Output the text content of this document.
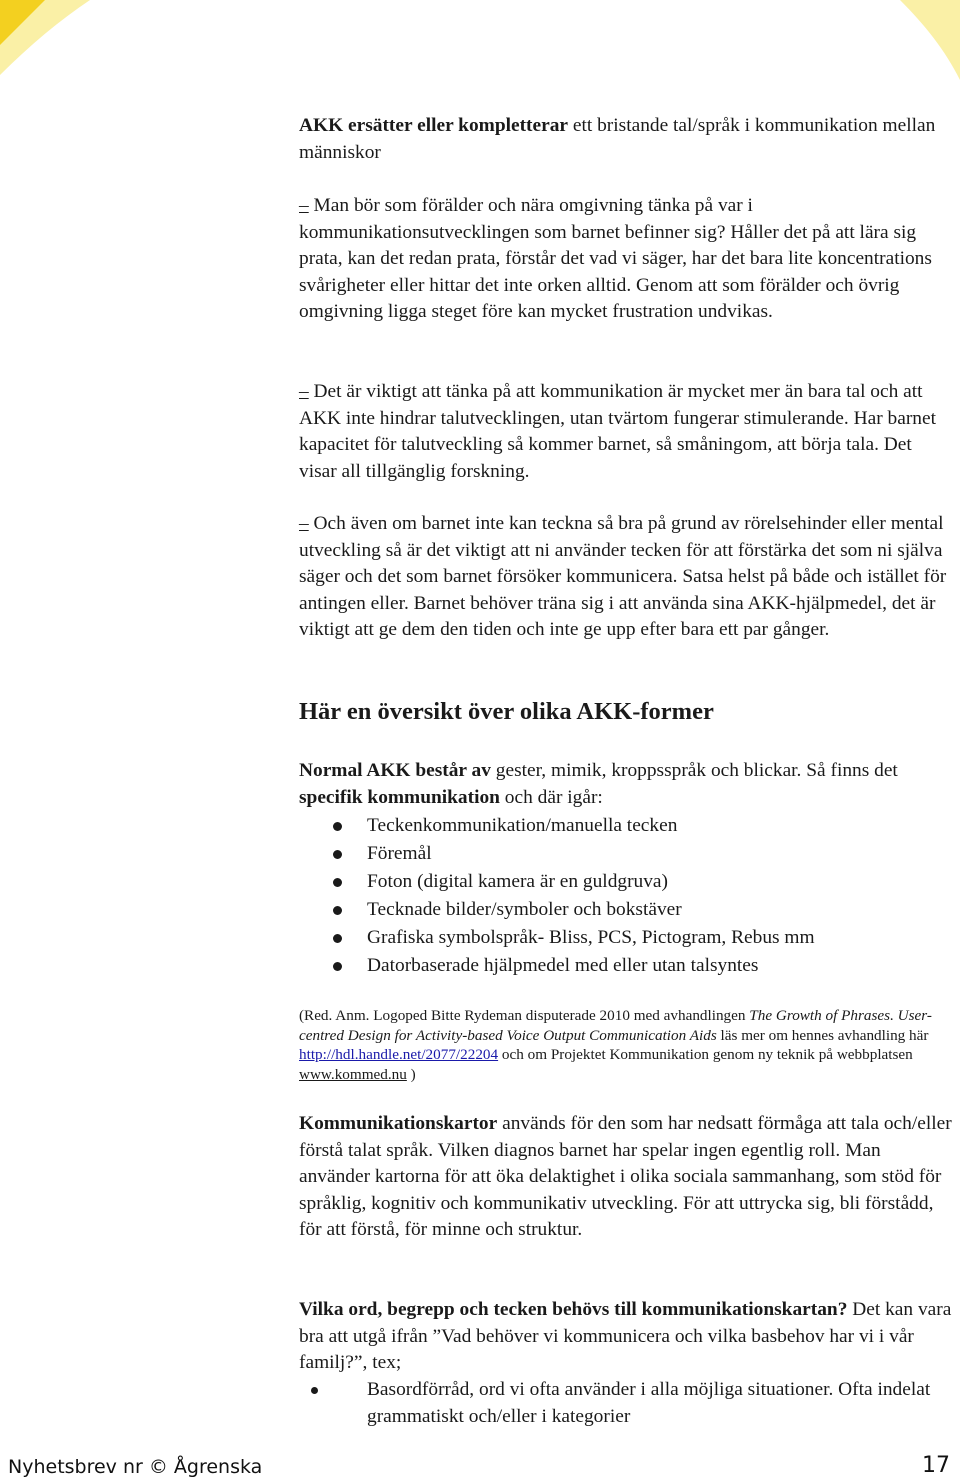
AKK ersätter eller kompletterar ett bristande tal/språk i kommunikation mellan människor

– Man bör som förälder och nära omgivning tänka på var i kommunikationsutvecklingen som barnet befinner sig? Håller det på att lära sig prata, kan det redan prata, förstår det vad vi säger, har det bara lite koncentrations svårigheter eller hittar det inte orken alltid. Genom att som förälder och övrig omgivning ligga steget före kan mycket frustration undvikas.

– Det är viktigt att tänka på att kommunikation är mycket mer än bara tal och att AKK inte hindrar talutvecklingen, utan tvärtom fungerar stimulerande. Har barnet kapacitet för talutveckling så kommer barnet, så småningom, att börja tala. Det visar all tillgänglig forskning.

– Och även om barnet inte kan teckna så bra på grund av rörelsehinder eller mental utveckling så är det viktigt att ni använder tecken för att förstärka det som ni själva säger och det som barnet försöker kommunicera. Satsa helst på både och istället för antingen eller. Barnet behöver träna sig i att använda sina AKK-hjälpmedel, det är viktigt att ge dem den tiden och inte ge upp efter bara ett par gånger.

Här en översikt över olika AKK-former

Normal AKK består av gester, mimik, kroppsspråk och blickar. Så finns det specifik kommunikation och där igår:

Teckenkommunikation/manuella tecken
Föremål
Foton (digital kamera är en guldgruva)
Tecknade bilder/symboler och bokstäver
Grafiska symbolspråk- Bliss, PCS, Pictogram, Rebus mm
Datorbaserade hjälpmedel med eller utan talsyntes

(Red. Anm. Logoped Bitte Rydeman disputerade 2010 med avhandlingen The Growth of Phrases. User-centred Design for Activity-based Voice Output Communication Aids läs mer om hennes avhandling här http://hdl.handle.net/2077/22204 och om Projektet Kommunikation genom ny teknik på webbplatsen www.kommed.nu )

Kommunikationskartor används för den som har nedsatt förmåga att tala och/eller förstå talat språk. Vilken diagnos barnet har spelar ingen egentlig roll. Man använder kartorna för att öka delaktighet i olika sociala sammanhang, som stöd för språklig, kognitiv och kommunikativ utveckling. För att uttrycka sig, bli förstådd, för att förstå, för minne och struktur.

Vilka ord, begrepp och tecken behövs till kommunikationskartan? Det kan vara bra att utgå ifrån ”Vad behöver vi kommunicera och vilka basbehov har vi i vår familj?”, tex;

Basordförråd, ord vi ofta använder i alla möjliga situationer. Ofta indelat grammatiskt och/eller i kategorier
Nyhetsbrev nr © Ågrenska	17
